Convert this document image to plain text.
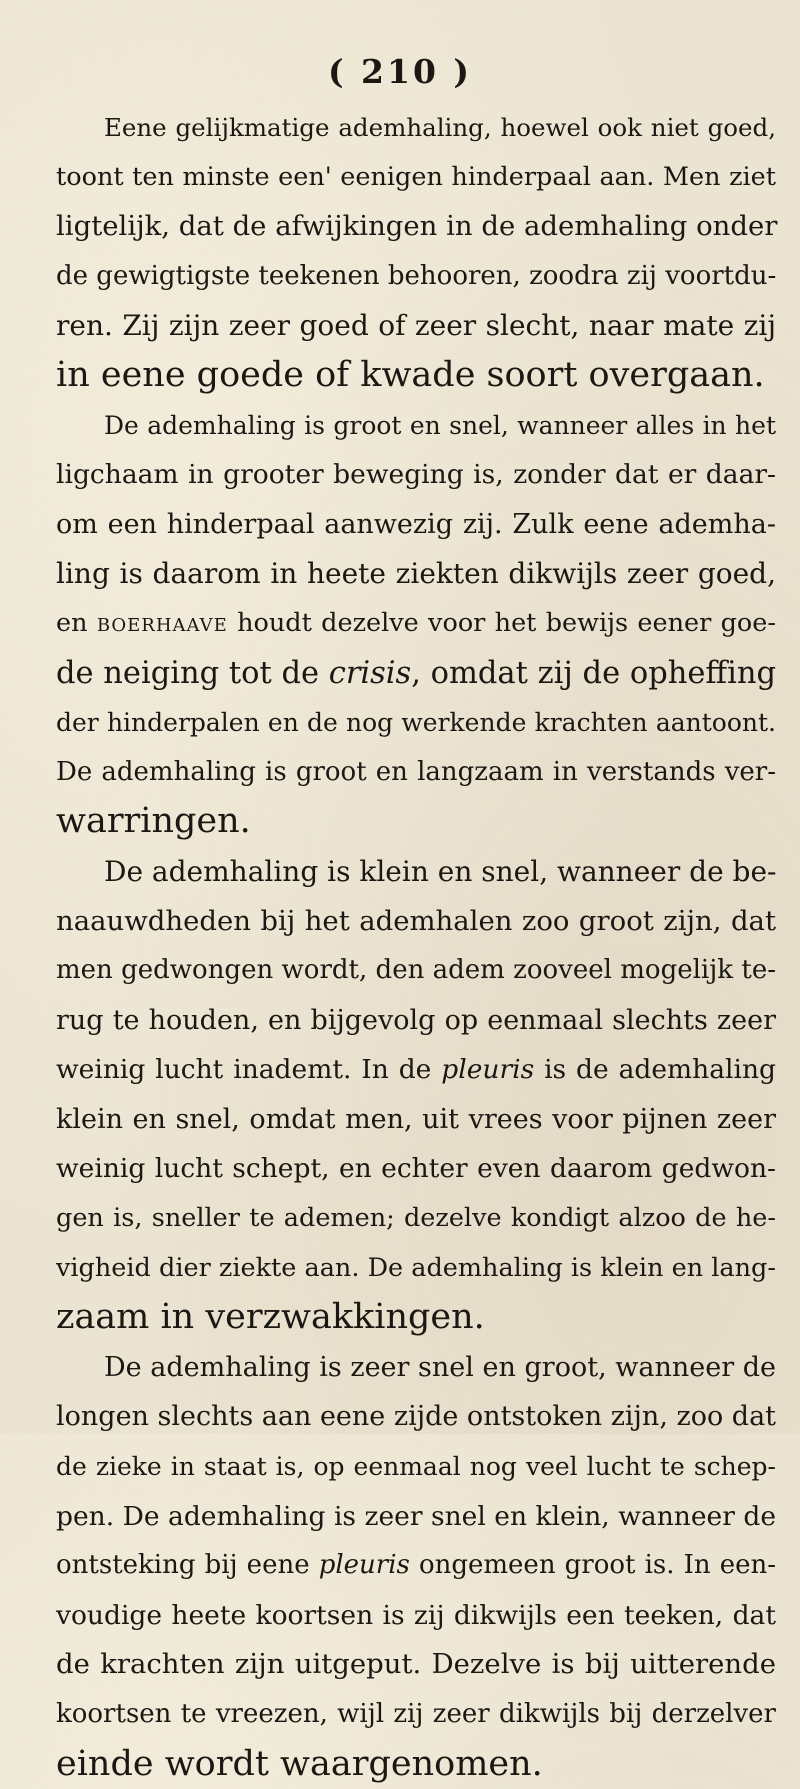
( 210 )
Eene gelijkmatige ademhaling, hoewel ook niet goed,
toont ten minste een' eenigen hinderpaal aan. Men ziet
ligtelijk, dat de afwijkingen in de ademhaling onder
de gewigtigste teekenen behooren, zoodra zij voortdu-
ren. Zij zijn zeer goed of zeer slecht, naar mate zij
in eene goede of kwade soort overgaan.
De ademhaling is groot en snel, wanneer alles in het
ligchaam in grooter beweging is, zonder dat er daar-
om een hinderpaal aanwezig zij. Zulk eene ademha-
ling is daarom in heete ziekten dikwijls zeer goed,
en boerhaave houdt dezelve voor het bewijs eener goe-
de neiging tot de crisis, omdat zij de opheffing
der hinderpalen en de nog werkende krachten aantoont.
De ademhaling is groot en langzaam in verstands ver-
warringen.
De ademhaling is klein en snel, wanneer de be-
naauwdheden bij het ademhalen zoo groot zijn, dat
men gedwongen wordt, den adem zooveel mogelijk te-
rug te houden, en bijgevolg op eenmaal slechts zeer
weinig lucht inademt. In de pleuris is de ademhaling
klein en snel, omdat men, uit vrees voor pijnen zeer
weinig lucht schept, en echter even daarom gedwon-
gen is, sneller te ademen; dezelve kondigt alzoo de he-
vigheid dier ziekte aan. De ademhaling is klein en lang-
zaam in verzwakkingen.
De ademhaling is zeer snel en groot, wanneer de
longen slechts aan eene zijde ontstoken zijn, zoo dat
de zieke in staat is, op eenmaal nog veel lucht te schep-
pen. De ademhaling is zeer snel en klein, wanneer de
ontsteking bij eene pleuris ongemeen groot is. In een-
voudige heete koortsen is zij dikwijls een teeken, dat
de krachten zijn uitgeput. Dezelve is bij uitterende
koortsen te vreezen, wijl zij zeer dikwijls bij derzelver
einde wordt waargenomen.
